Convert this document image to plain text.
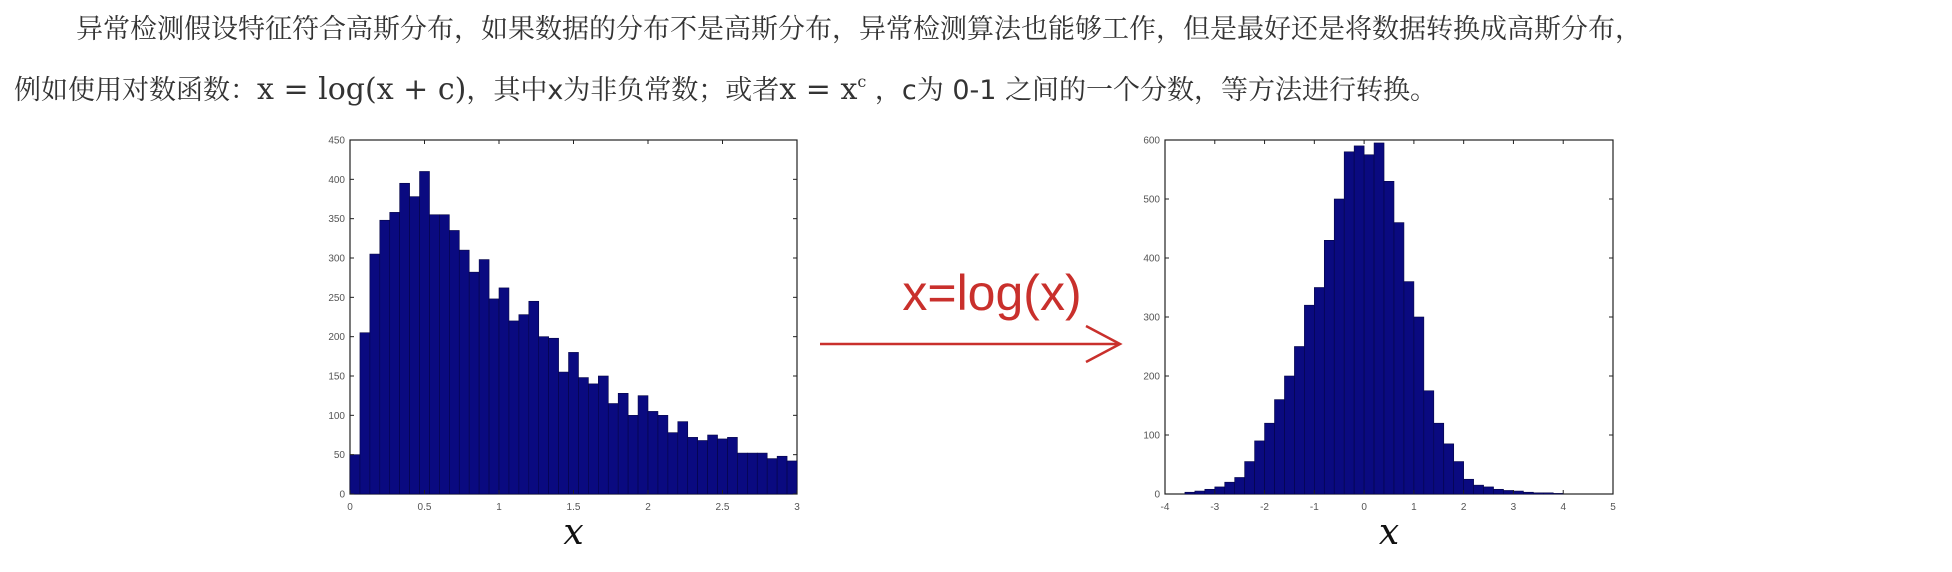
异常检测假设特征符合高斯分布，如果数据的分布不是高斯分布，异常检测算法也能够工作，但是最好还是将数据转换成高斯分布，
例如使用对数函数：x = log(x + c)，其中x为非负常数；或者$x = x^c$ ，c为 0-1 之间的一个分数，等方法进行转换。
0
50
100
150
200
250
300
350
400
450
0	0.5	1	1.5	2	2.5	3
x
0
100
200
300
400
500
600
-4	-3	-2	-1	0	1	2	3	4	5
x
x=log(x)
